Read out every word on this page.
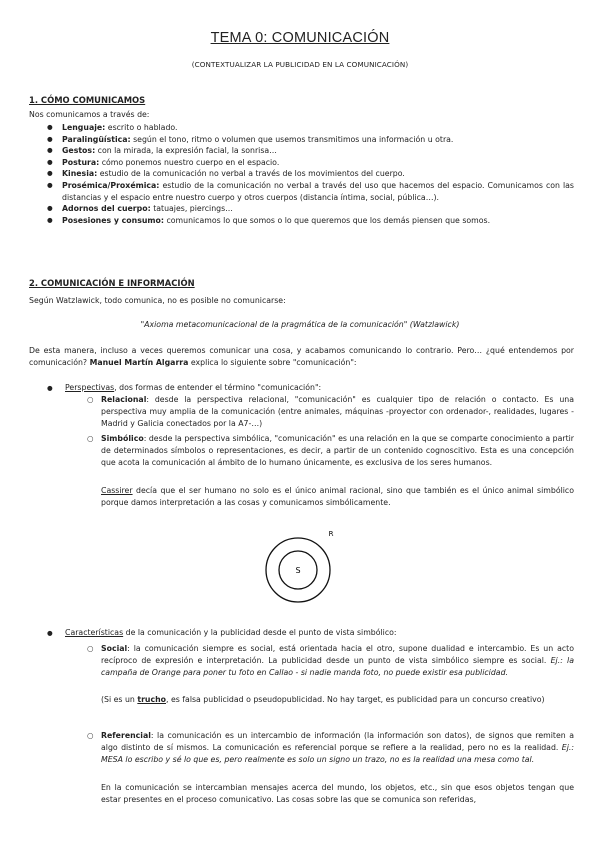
TEMA 0: COMUNICACIÓN
(CONTEXTUALIZAR LA PUBLICIDAD EN LA COMUNICACIÓN)
1. CÓMO COMUNICAMOS
Nos comunicamos a través de:
● Lenguaje: escrito o hablado.
● Paralingüística: según el tono, ritmo o volumen que usemos transmitimos una información u otra.
● Gestos: con la mirada, la expresión facial, la sonrisa…
● Postura: cómo ponemos nuestro cuerpo en el espacio.
● Kinesia: estudio de la comunicación no verbal a través de los movimientos del cuerpo.
● Prosémica/Proxémica: estudio de la comunicación no verbal a través del uso que hacemos del espacio. Comunicamos con las distancias y el espacio entre nuestro cuerpo y otros cuerpos (distancia íntima, social, pública…).
● Adornos del cuerpo: tatuajes, piercings…
● Posesiones y consumo: comunicamos lo que somos o lo que queremos que los demás piensen que somos.
2. COMUNICACIÓN E INFORMACIÓN
Según Watzlawick, todo comunica, no es posible no comunicarse:
"Axioma metacomunicacional de la pragmática de la comunicación" (Watzlawick)
De esta manera, incluso a veces queremos comunicar una cosa, y acabamos comunicando lo contrario. Pero… ¿qué entendemos por comunicación? Manuel Martín Algarra explica lo siguiente sobre "comunicación":
● Perspectivas, dos formas de entender el término "comunicación":
○ Relacional: desde la perspectiva relacional, "comunicación" es cualquier tipo de relación o contacto. Es una perspectiva muy amplia de la comunicación (entre animales, máquinas -proyector con ordenador-, realidades, lugares -Madrid y Galicia conectados por la A7-…)
○ Simbólico: desde la perspectiva simbólica, "comunicación" es una relación en la que se comparte conocimiento a partir de determinados símbolos o representaciones, es decir, a partir de un contenido cognoscitivo. Esta es una concepción que acota la comunicación al ámbito de lo humano únicamente, es exclusiva de los seres humanos.
Cassirer decía que el ser humano no solo es el único animal racional, sino que también es el único animal simbólico porque damos interpretación a las cosas y comunicamos simbólicamente.
S
R
● Características de la comunicación y la publicidad desde el punto de vista simbólico:
○ Social: la comunicación siempre es social, está orientada hacia el otro, supone dualidad e intercambio. Es un acto recíproco de expresión e interpretación. La publicidad desde un punto de vista simbólico siempre es social. Ej.: la campaña de Orange para poner tu foto en Callao - si nadie manda foto, no puede existir esa publicidad.
(Si es un trucho, es falsa publicidad o pseudopublicidad. No hay target, es publicidad para un concurso creativo)
○ Referencial: la comunicación es un intercambio de información (la información son datos), de signos que remiten a algo distinto de sí mismos. La comunicación es referencial porque se refiere a la realidad, pero no es la realidad. Ej.: MESA lo escribo y sé lo que es, pero realmente es solo un signo un trazo, no es la realidad una mesa como tal.
En la comunicación se intercambian mensajes acerca del mundo, los objetos, etc., sin que esos objetos tengan que estar presentes en el proceso comunicativo. Las cosas sobre las que se comunica son referidas,
